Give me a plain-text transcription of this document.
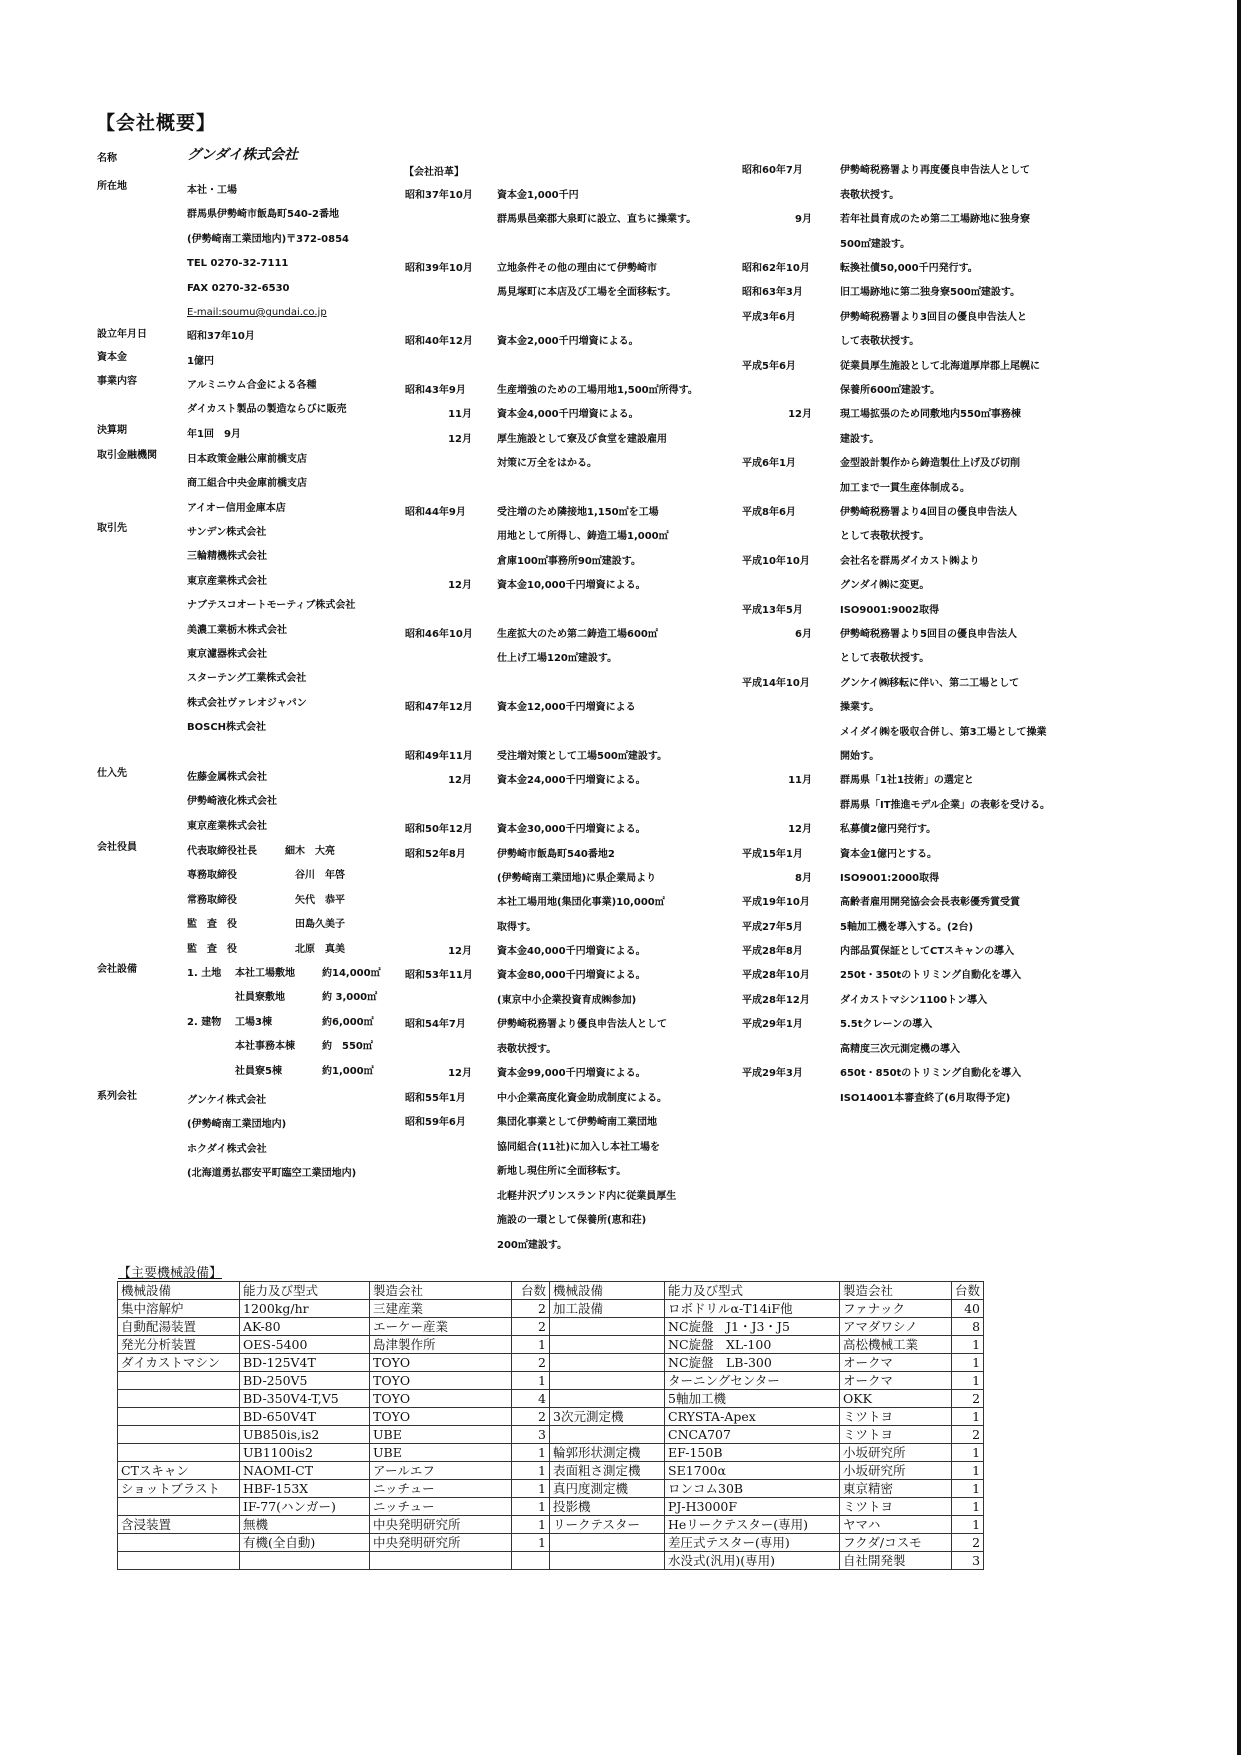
【会社概要】
名称	グンダイ株式会社
所在地	本社・工場
群馬県伊勢崎市飯島町540-2番地
(伊勢崎南工業団地内)〒372-0854
TEL 0270-32-7111
FAX 0270-32-6530
E-mail:soumu@gundai.co.jp
設立年月日	昭和37年10月
資本金	1億円
事業内容	アルミニウム合金による各種
ダイカスト製品の製造ならびに販売
決算期	年1回　9月
取引金融機関	日本政策金融公庫前橋支店
商工組合中央金庫前橋支店
アイオー信用金庫本店
取引先	サンデン株式会社
三輪精機株式会社
東京産業株式会社
ナブテスコオートモーティブ株式会社
美濃工業栃木株式会社
東京濾器株式会社
スターテング工業株式会社
株式会社ヴァレオジャパン
BOSCH株式会社
仕入先	佐藤金属株式会社
伊勢崎液化株式会社
東京産業株式会社
会社役員	代表取締役社長	細木　大亮
専務取締役	谷川　年啓
常務取締役	矢代　恭平
監　査　役	田島久美子
監　査　役	北原　真美
会社設備	1. 土地 本社工場敷地	約14,000㎡
社員寮敷地	約 3,000㎡
2. 建物 工場3棟	約6,000㎡
本社事務本棟	約　550㎡
社員寮5棟	約1,000㎡
系列会社	グンケイ株式会社
(伊勢崎南工業団地内)
ホクダイ株式会社
(北海道勇払郡安平町臨空工業団地内)
【会社沿革】
昭和37年10月 資本金1,000千円
群馬県邑楽郡大泉町に設立、直ちに操業す。
昭和39年10月 立地条件その他の理由にて伊勢崎市
馬見塚町に本店及び工場を全面移転す。
昭和40年12月 資本金2,000千円増資による。
昭和43年9月	生産増強のための工場用地1,500㎡所得す。
11月	資本金4,000千円増資による。
12月	厚生施設として寮及び食堂を建設雇用
対策に万全をはかる。
昭和44年9月	受注増のため隣接地1,150㎡を工場
用地として所得し、鋳造工場1,000㎡
倉庫100㎡事務所90㎡建設す。
12月	資本金10,000千円増資による。
昭和46年10月 生産拡大のため第二鋳造工場600㎡
仕上げ工場120㎡建設す。
昭和47年12月 資本金12,000千円増資による
昭和49年11月 受注増対策として工場500㎡建設す。
12月	資本金24,000千円増資による。
昭和50年12月 資本金30,000千円増資による。
昭和52年8月	伊勢崎市飯島町540番地2
(伊勢崎南工業団地)に県企業局より
本社工場用地(集団化事業)10,000㎡
取得す。
12月	資本金40,000千円増資による。
昭和53年11月 資本金80,000千円増資による。
(東京中小企業投資育成㈱参加)
昭和54年7月	伊勢崎税務署より優良申告法人として
表敬状授す。
12月	資本金99,000千円増資による。
昭和55年1月	中小企業高度化資金助成制度による。
昭和59年6月	集団化事業として伊勢崎南工業団地
協同組合(11社)に加入し本社工場を
新地し現住所に全面移転す。
北軽井沢プリンスランド内に従業員厚生
施設の一環として保養所(恵和荘)
200㎡建設す。
昭和60年7月	伊勢崎税務署より再度優良申告法人として
表敬状授す。
9月	若年社員育成のため第二工場跡地に独身寮
500㎡建設す。
昭和62年10月	転換社債50,000千円発行す。
昭和63年3月	旧工場跡地に第二独身寮500㎡建設す。
平成3年6月	伊勢崎税務署より3回目の優良申告法人と
して表敬状授す。
平成5年6月	従業員厚生施設として北海道厚岸郡上尾幌に
保養所600㎡建設す。
12月	現工場拡張のため同敷地内550㎡事務棟
建設す。
平成6年1月	金型設計製作から鋳造製仕上げ及び切削
加工まで一貫生産体制成る。
平成8年6月	伊勢崎税務署より4回目の優良申告法人
として表敬状授す。
平成10年10月	会社名を群馬ダイカスト㈱より
グンダイ㈱に変更。
平成13年5月	ISO9001:9002取得
6月	伊勢崎税務署より5回目の優良申告法人
として表敬状授す。
平成14年10月	グンケイ㈱移転に伴い、第二工場として
操業す。
メイダイ㈱を吸収合併し、第3工場として操業
開始す。
11月	群馬県「1社1技術」の選定と
群馬県「IT推進モデル企業」の表彰を受ける。
12月	私募債2億円発行す。
平成15年1月	資本金1億円とする。
8月	ISO9001:2000取得
平成19年10月	高齢者雇用開発協会会長表彰優秀賞受賞
平成27年5月	5軸加工機を導入する。(2台)
平成28年8月	内部品質保証としてCTスキャンの導入
平成28年10月	250t・350tのトリミング自動化を導入
平成28年12月	ダイカストマシン1100トン導入
平成29年1月	5.5tクレーンの導入
高精度三次元測定機の導入
平成29年3月	650t・850tのトリミング自動化を導入
ISO14001本審査終了(6月取得予定)
【主要機械設備】
機械設備	能力及び型式	製造会社	台数	機械設備	能力及び型式	製造会社	台数
集中溶解炉	1200kg/hr	三建産業	2	加工設備	ロボドリルα-T14iF他	ファナック	40
自動配湯装置	AK-80	エーケー産業	2		NC旋盤　J1・J3・J5	アマダワシノ	8
発光分析装置	OES-5400	島津製作所	1		NC旋盤　XL-100	高松機械工業	1
ダイカストマシン	BD-125V4T	TOYO	2		NC旋盤　LB-300	オークマ	1
	BD-250V5	TOYO	1		ターニングセンター	オークマ	1
	BD-350V4-T,V5	TOYO	4		5軸加工機	OKK	2
	BD-650V4T	TOYO	2	3次元測定機	CRYSTA-Apex	ミツトヨ	1
	UB850is,is2	UBE	3		CNCA707	ミツトヨ	2
	UB1100is2	UBE	1	輪郭形状測定機	EF-150B	小坂研究所	1
CTスキャン	NAOMI-CT	アールエフ	1	表面粗さ測定機	SE1700α	小坂研究所	1
ショットブラスト	HBF-153X	ニッチュー	1	真円度測定機	ロンコム30B	東京精密	1
	IF-77(ハンガー)	ニッチュー	1	投影機	PJ-H3000F	ミツトヨ	1
含浸装置	無機	中央発明研究所	1	リークテスター	Heリークテスター(専用)	ヤマハ	1
	有機(全自動)	中央発明研究所	1		差圧式テスター(専用)	フクダ/コスモ	2
					水没式(汎用)(専用)	自社開発製	3
